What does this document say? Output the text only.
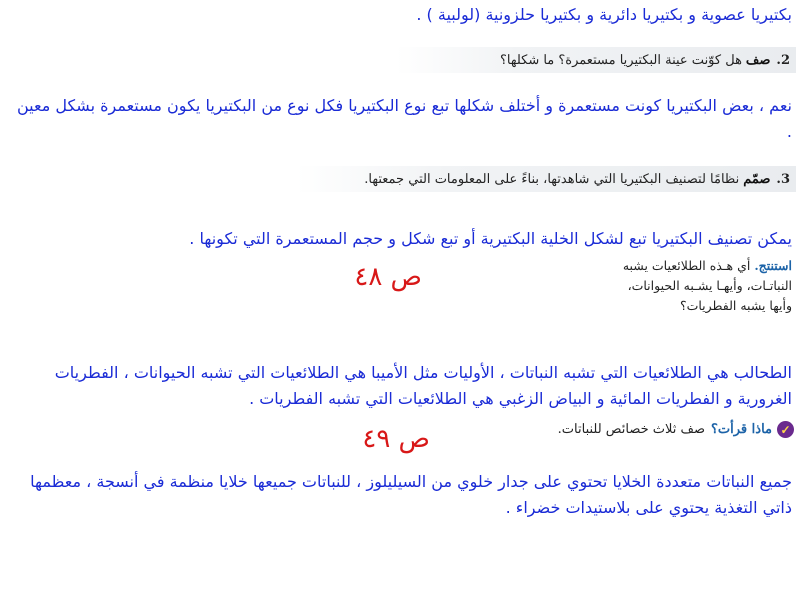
بكتيريا عصوية و بكتيريا دائرية و بكتيريا حلزونية (لولبية ) .

2.
صف
هل كوّنت عينة البكتيريا مستعمرة؟ ما شكلها؟

نعم ، بعض البكتيريا كونت مستعمرة و أختلف شكلها تبع نوع البكتيريا فكل نوع من البكتيريا يكون مستعمرة بشكل معين .

3.
صمّم
نظامًا لتصنيف البكتيريا التي شاهدتها، بناءً على المعلومات التي جمعتها.

يمكن تصنيف البكتيريا تبع لشكل الخلية البكتيرية أو تبع شكل و حجم المستعمرة التي تكونها .

استنتج. أي هـذه الطلائعيات يشبه
النباتـات، وأيهـا يشـبه الحيوانات،
وأيها يشبه الفطريات؟
ص ٤٨

الطحالب هي الطلائعيات التي تشبه النباتات ، الأوليات مثل الأميبا هي الطلائعيات التي تشبه الحيوانات ، الفطريات الغرورية و الفطريات المائية و البياض الزغبي هي الطلائعيات التي تشبه الفطريات .

✓
ماذا قرأت؟
صف ثلاث خصائص للنباتات.
ص ٤٩

جميع النباتات متعددة الخلايا تحتوي على جدار خلوي من السيليلوز ، للنباتات جميعها خلايا منظمة في أنسجة ، معظمها ذاتي التغذية يحتوي على بلاستيدات خضراء .
